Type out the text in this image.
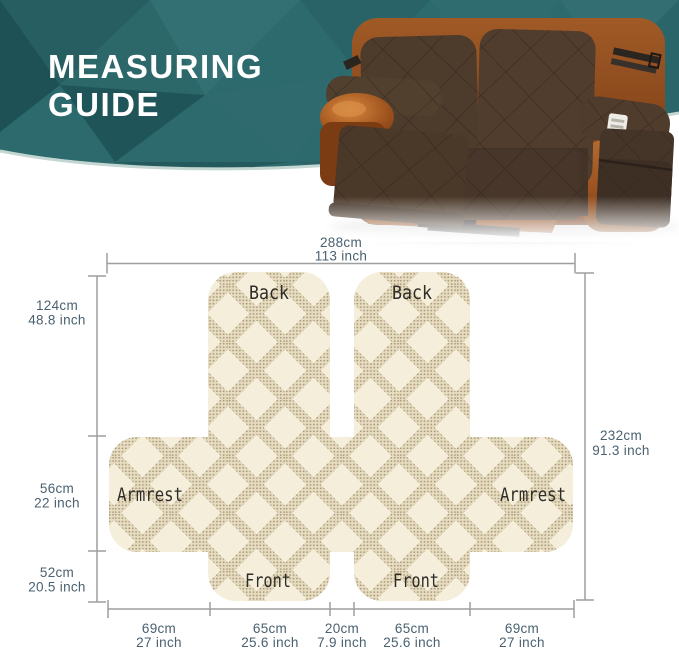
MEASURING
GUIDE
Back	Back
Armrest	Armrest
Front	Front
288cm
113 inch
124cm
48.8 inch
56cm
22 inch
52cm
20.5 inch
232cm
91.3 inch
69cm
27 inch
65cm
25.6 inch
20cm
7.9 inch
65cm
25.6 inch
69cm
27 inch
